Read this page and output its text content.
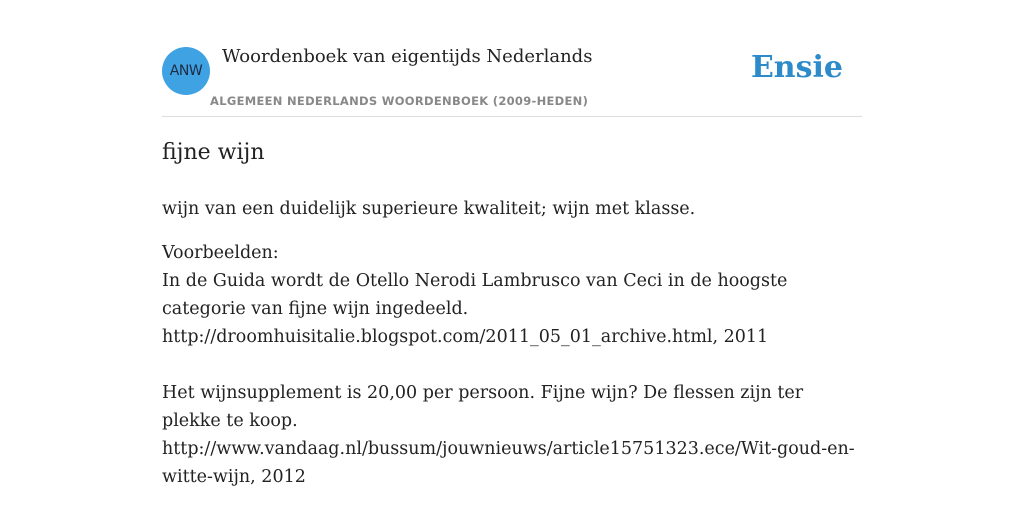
ANW
Woordenboek van eigentijds Nederlands
ALGEMEEN NEDERLANDS WOORDENBOEK (2009-HEDEN)
Ensie
fijne wijn
wijn van een duidelijk superieure kwaliteit; wijn met klasse.
Voorbeelden:

In de Guida wordt de Otello Nerodi Lambrusco van Ceci in de hoogste categorie van fijne wijn ingedeeld.

http://droomhuisitalie.blogspot.com/2011_05_01_archive.html, 2011

Het wijnsupplement is 20,00 per persoon. Fijne wijn? De flessen zijn ter plekke te koop.

http://www.vandaag.nl/bussum/jouwnieuws/article15751323.ece/Wit-goud-en-witte-wijn, 2012
